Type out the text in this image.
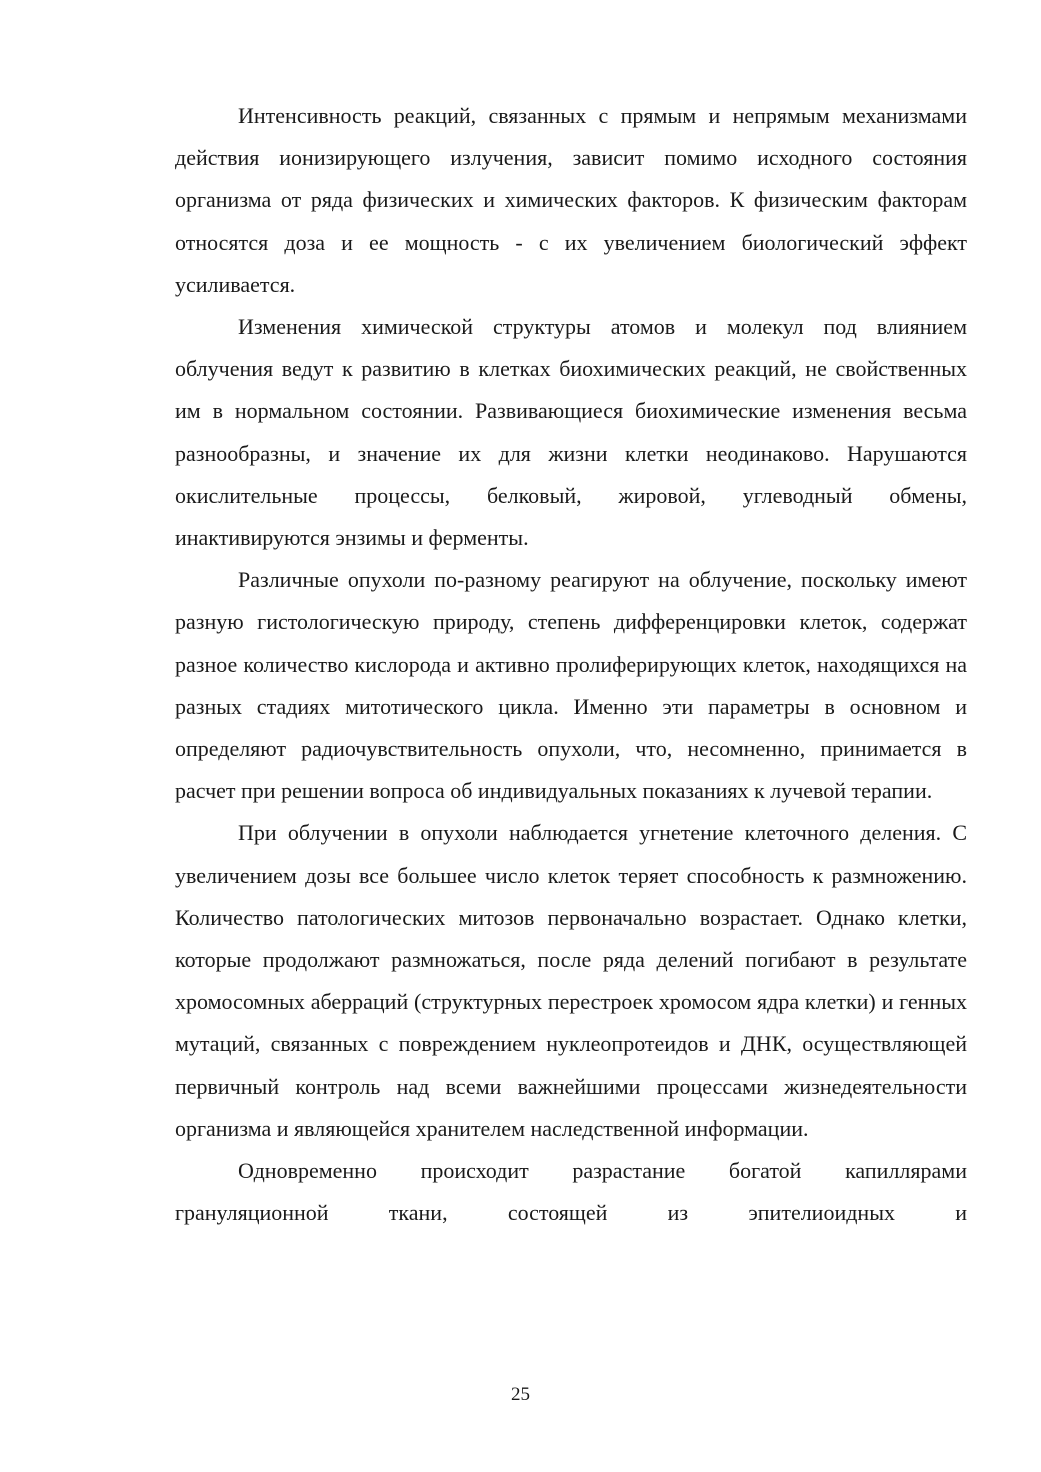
Интенсивность реакций, связанных с прямым и непрямым механизмами действия ионизирующего излучения, зависит помимо исходного состояния организма от ряда физических и химических факторов. К физическим факторам относятся доза и ее мощность - с их увеличением биологический эффект усиливается.

Изменения химической структуры атомов и молекул под влиянием облучения ведут к развитию в клетках биохимических реакций, не свойственных им в нормальном состоянии. Развивающиеся биохимические изменения весьма разнообразны, и значение их для жизни клетки неодинаково. Нарушаются окислительные процессы, белковый, жировой, углеводный обмены, инактивируются энзимы и ферменты.

Различные опухоли по-разному реагируют на облучение, поскольку имеют разную гистологическую природу, степень дифференцировки клеток, содержат разное количество кислорода и активно пролиферирующих клеток, находящихся на разных стадиях митотического цикла. Именно эти параметры в основном и определяют радиочувствительность опухоли, что, несомненно, принимается в расчет при решении вопроса об индивидуальных показаниях к лучевой терапии.

При облучении в опухоли наблюдается угнетение клеточного деления. С увеличением дозы все большее число клеток теряет способность к размножению. Количество патологических митозов первоначально возрастает. Однако клетки, которые продолжают размножаться, после ряда делений погибают в результате хромосомных аберраций (структурных перестроек хромосом ядра клетки) и генных мутаций, связанных с повреждением нуклеопротеидов и ДНК, осуществляющей первичный контроль над всеми важнейшими процессами жизнедеятельности организма и являющейся хранителем наследственной информации.

Одновременно происходит разрастание богатой капиллярами грануляционной ткани, состоящей из эпителиоидных и

25
